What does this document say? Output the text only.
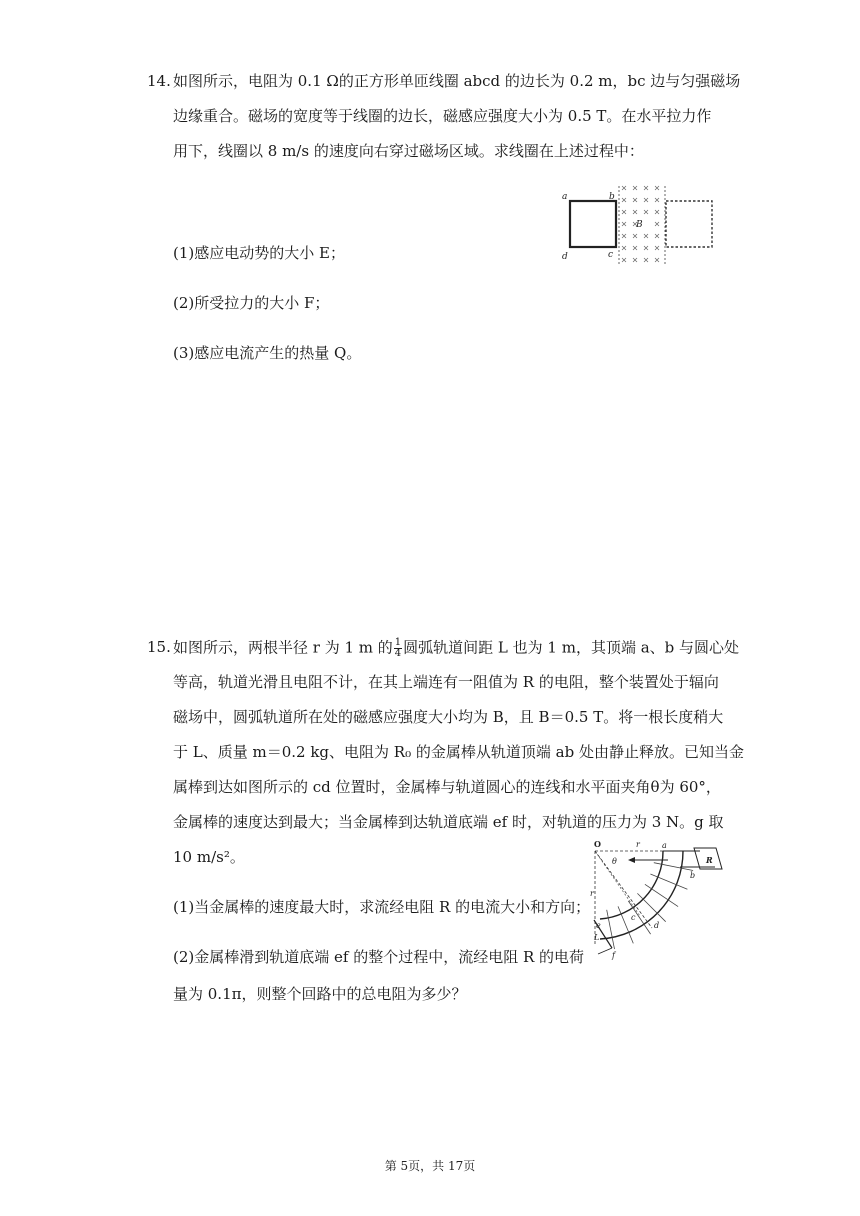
14. 如图所示，电阻为 0.1 Ω的正方形单匝线圈 abcd 的边长为 0.2 m，bc 边与匀强磁场
边缘重合。磁场的宽度等于线圈的边长，磁感应强度大小为 0.5 T。在水平拉力作
用下，线圈以 8 m/s 的速度向右穿过磁场区域。求线圈在上述过程中：
(1)感应电动势的大小 E；
(2)所受拉力的大小 F；
(3)感应电流产生的热量 Q。
a	b
c
d
B
15. 如图所示，两根半径 r 为 1 m 的 $\frac{1}{4}$ 圆弧轨道间距 L 也为 1 m，其顶端 a、b 与圆心处
等高，轨道光滑且电阻不计，在其上端连有一阻值为 R 的电阻，整个装置处于辐向
磁场中，圆弧轨道所在处的磁感应强度大小均为 B，且 B＝0.5 T。将一根长度稍大
于 L、质量 m＝0.2 kg、电阻为 R₀ 的金属棒从轨道顶端 ab 处由静止释放。已知当金
属棒到达如图所示的 cd 位置时，金属棒与轨道圆心的连线和水平面夹角θ为 60°，
金属棒的速度达到最大；当金属棒到达轨道底端 ef 时，对轨道的压力为 3 N。g 取
10 m/s²。
(1)当金属棒的速度最大时，求流经电阻 R 的电流大小和方向；
(2)金属棒滑到轨道底端 ef 的整个过程中，流经电阻 R 的电荷
量为 0.1π，则整个回路中的总电阻为多少？
O	r
r
θ
a
b
R
c
d
e
f
L
第 5页，共 17页
